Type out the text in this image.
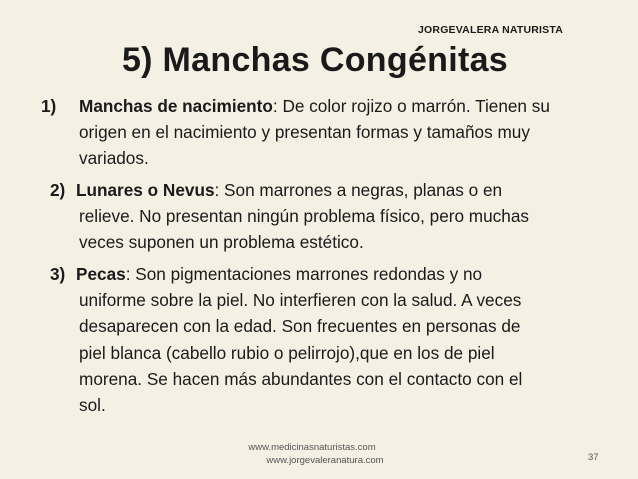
JORGEVALERA NATURISTA
5) Manchas Congénitas
1) Manchas de nacimiento: De color rojizo o marrón. Tienen su
origen en el nacimiento y presentan formas y tamaños muy
variados.
2) Lunares o Nevus: Son marrones a negras, planas o en
relieve. No presentan ningún problema físico, pero muchas
veces suponen un problema estético.
3) Pecas: Son pigmentaciones marrones redondas y no
uniforme sobre la piel. No interfieren con la salud. A veces
desaparecen con la edad. Son frecuentes en personas de
piel blanca (cabello rubio o pelirrojo),que en los de piel
morena. Se hacen más abundantes con el contacto con el
sol.
www.medicinasnaturistas.com
www.jorgevaleranatura.com	37
